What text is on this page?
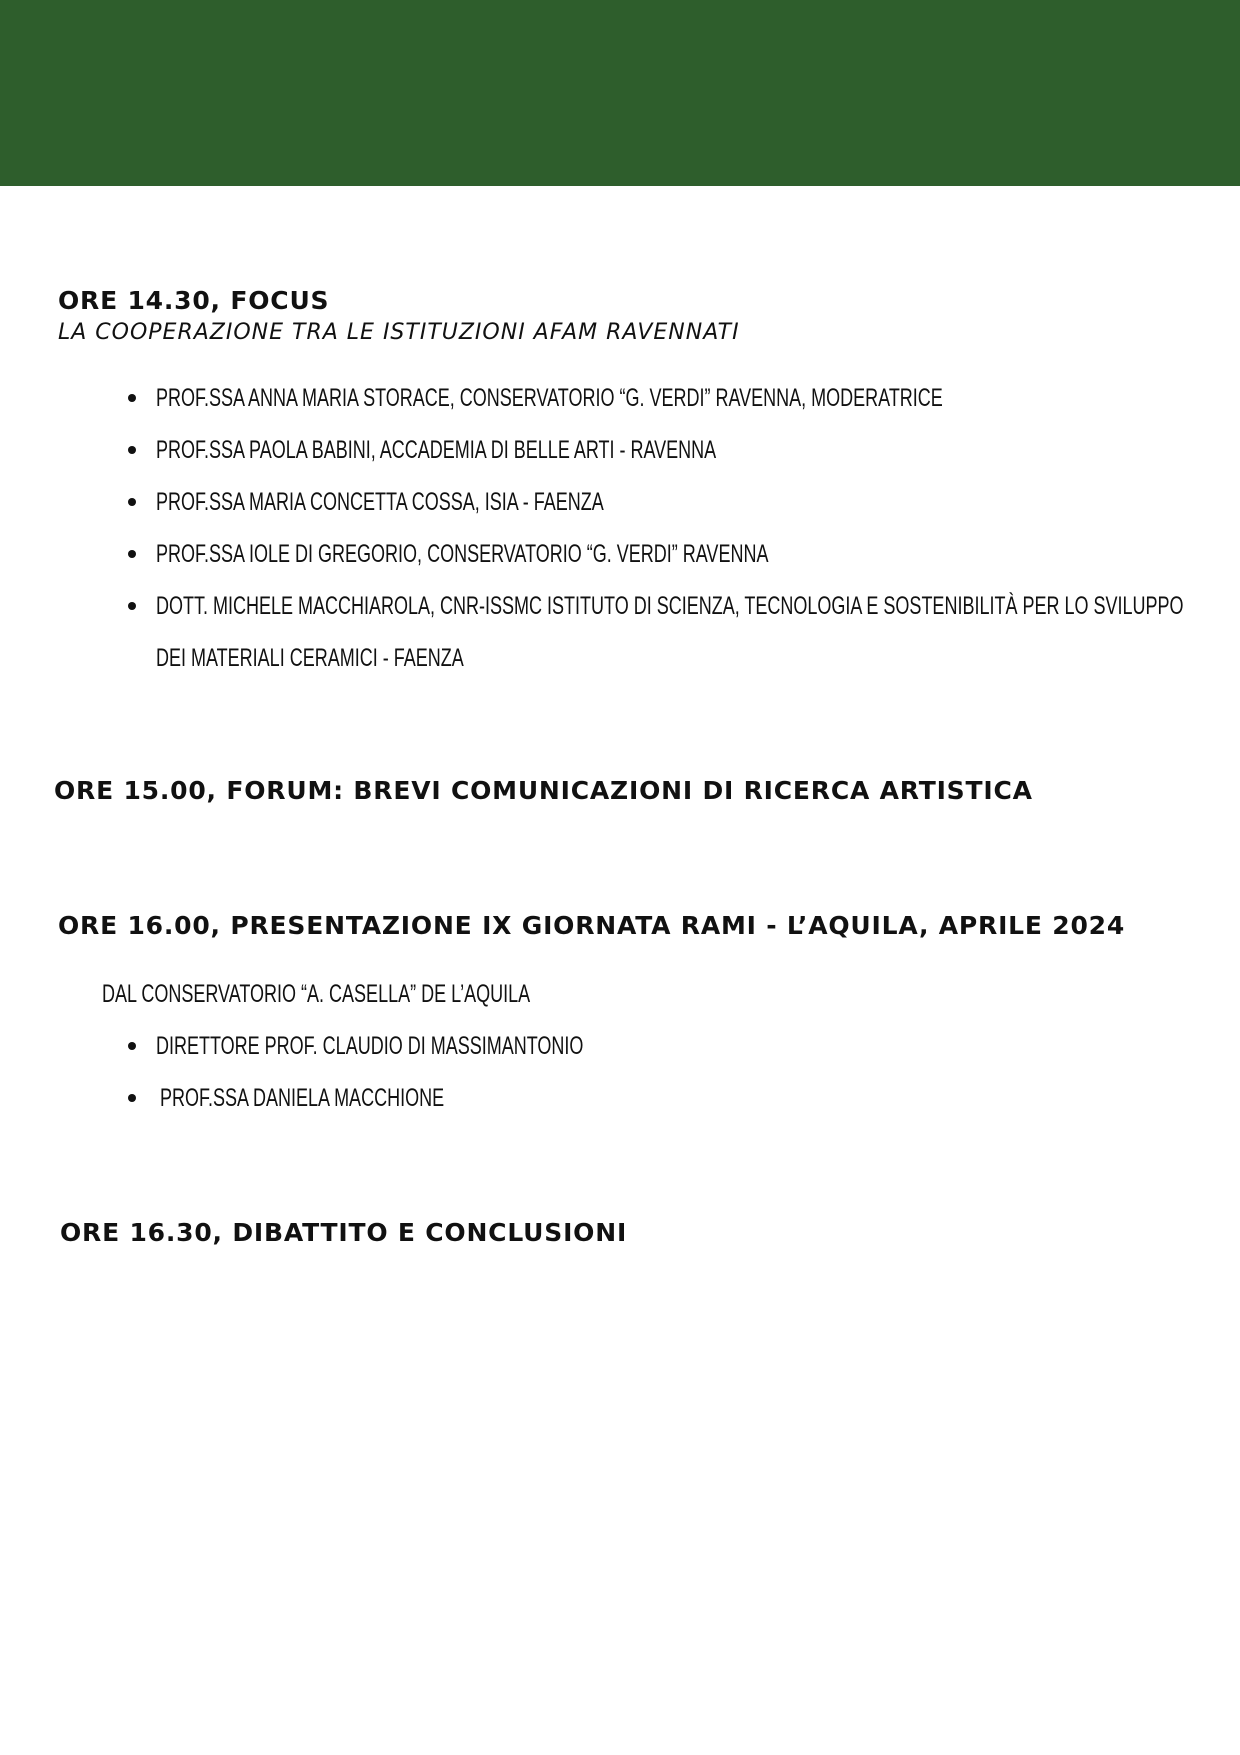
ORE 14.30, FOCUS

LA COOPERAZIONE TRA LE ISTITUZIONI AFAM RAVENNATI

PROF.SSA ANNA MARIA STORACE, CONSERVATORIO “G. VERDI” RAVENNA, MODERATRICE
PROF.SSA PAOLA BABINI, ACCADEMIA DI BELLE ARTI - RAVENNA
PROF.SSA MARIA CONCETTA COSSA, ISIA - FAENZA
PROF.SSA IOLE DI GREGORIO, CONSERVATORIO “G. VERDI” RAVENNA
DOTT. MICHELE MACCHIAROLA, CNR-ISSMC ISTITUTO DI SCIENZA, TECNOLOGIA E SOSTENIBILITÀ PER LO SVILUPPO DEI MATERIALI CERAMICI - FAENZA
ORE 15.00, FORUM: BREVI COMUNICAZIONI DI RICERCA ARTISTICA
ORE 16.00, PRESENTAZIONE IX GIORNATA RAMI - L’AQUILA, APRILE 2024
DAL CONSERVATORIO “A. CASELLA” DE L’AQUILA
DIRETTORE PROF. CLAUDIO DI MASSIMANTONIO
PROF.SSA DANIELA MACCHIONE
ORE 16.30, DIBATTITO E CONCLUSIONI
